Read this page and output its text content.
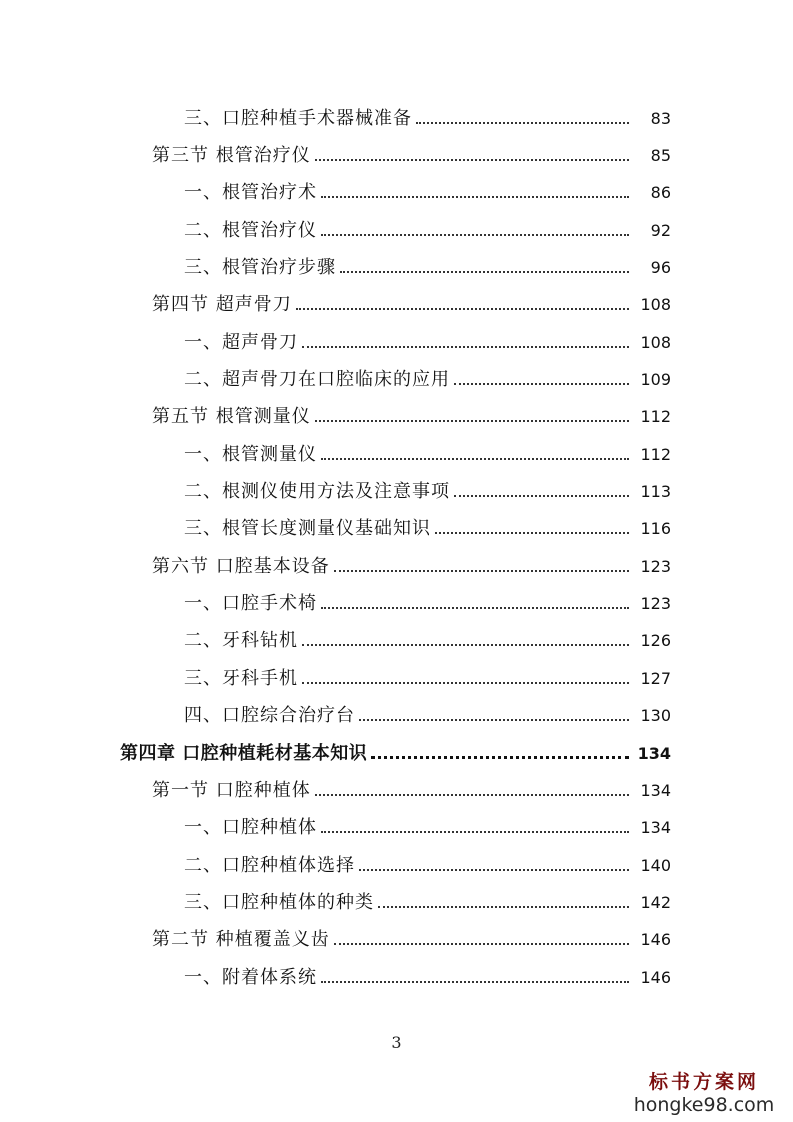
三、口腔种植手术器械准备	83
第三节 根管治疗仪	85
一、根管治疗术	86
二、根管治疗仪	92
三、根管治疗步骤	96
第四节 超声骨刀	108
一、超声骨刀	108
二、超声骨刀在口腔临床的应用	109
第五节 根管测量仪	112
一、根管测量仪	112
二、根测仪使用方法及注意事项	113
三、根管长度测量仪基础知识	116
第六节 口腔基本设备	123
一、口腔手术椅	123
二、牙科钻机	126
三、牙科手机	127
四、口腔综合治疗台	130
第四章 口腔种植耗材基本知识	134
第一节 口腔种植体	134
一、口腔种植体	134
二、口腔种植体选择	140
三、口腔种植体的种类	142
第二节 种植覆盖义齿	146
一、附着体系统	146
3
标书方案网
hongke98.com
